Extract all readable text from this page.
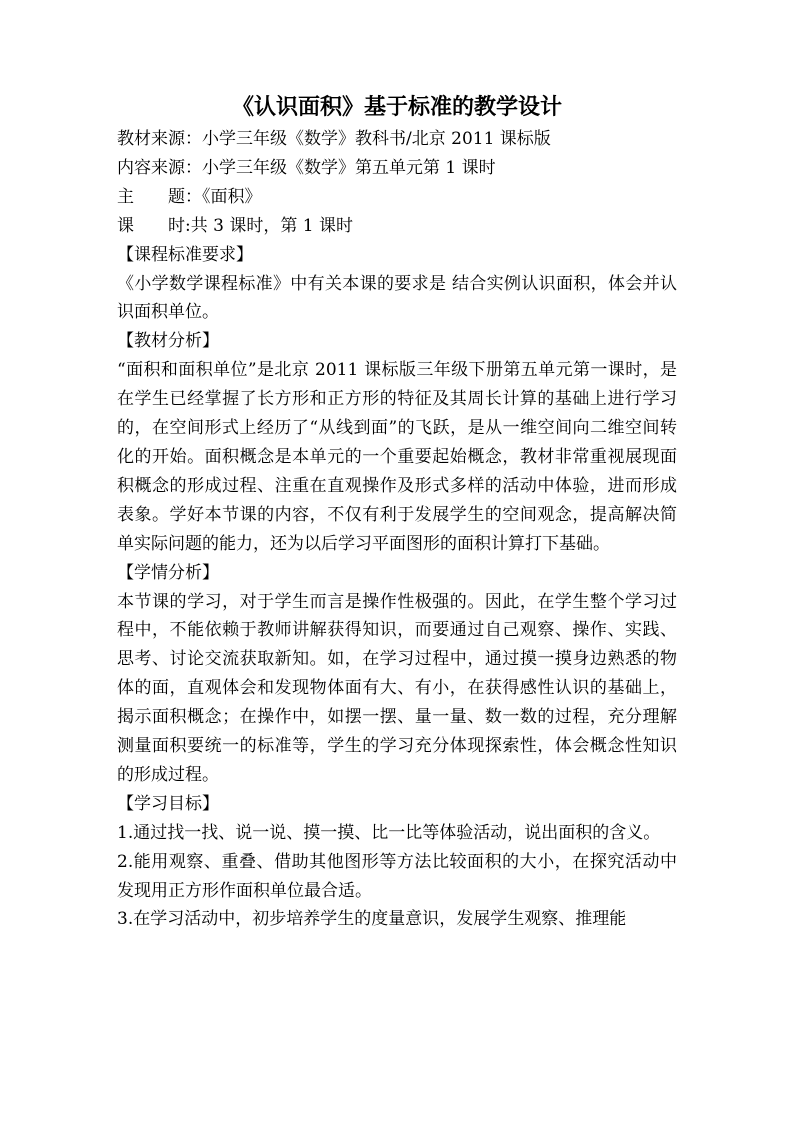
《认识面积》基于标准的教学设计

教材来源：小学三年级《数学》教科书/北京 2011 课标版

内容来源：小学三年级《数学》第五单元第 1 课时

主　　题：《面积》

课　　时:共 3 课时，第 1 课时

【课程标准要求】

《小学数学课程标准》中有关本课的要求是 结合实例认识面积，体会并认识面积单位。

【教材分析】

“面积和面积单位”是北京 2011 课标版三年级下册第五单元第一课时，是在学生已经掌握了长方形和正方形的特征及其周长计算的基础上进行学习的，在空间形式上经历了“从线到面”的飞跃，是从一维空间向二维空间转化的开始。面积概念是本单元的一个重要起始概念，教材非常重视展现面积概念的形成过程、注重在直观操作及形式多样的活动中体验，进而形成表象。学好本节课的内容，不仅有利于发展学生的空间观念，提高解决简单实际问题的能力，还为以后学习平面图形的面积计算打下基础。

【学情分析】

本节课的学习，对于学生而言是操作性极强的。因此，在学生整个学习过程中，不能依赖于教师讲解获得知识，而要通过自己观察、操作、实践、思考、讨论交流获取新知。如，在学习过程中，通过摸一摸身边熟悉的物体的面，直观体会和发现物体面有大、有小，在获得感性认识的基础上，揭示面积概念；在操作中，如摆一摆、量一量、数一数的过程，充分理解测量面积要统一的标准等，学生的学习充分体现探索性，体会概念性知识的形成过程。

【学习目标】

1.通过找一找、说一说、摸一摸、比一比等体验活动，说出面积的含义。

2.能用观察、重叠、借助其他图形等方法比较面积的大小，在探究活动中发现用正方形作面积单位最合适。

3.在学习活动中，初步培养学生的度量意识，发展学生观察、推理能
